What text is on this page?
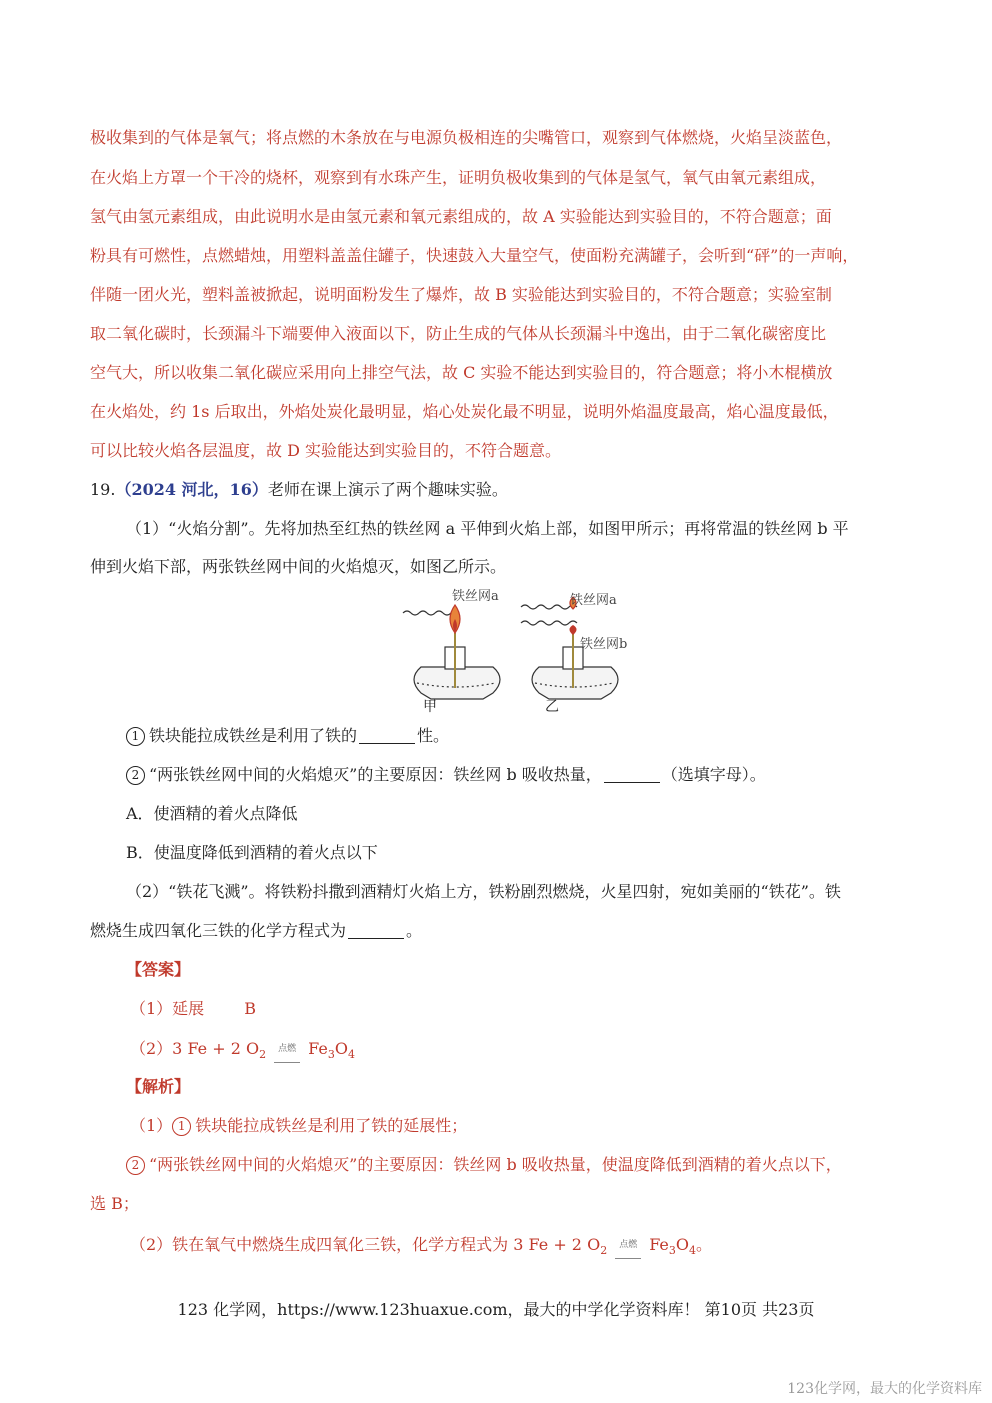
极收集到的气体是氧气；将点燃的木条放在与电源负极相连的尖嘴管口，观察到气体燃烧，火焰呈淡蓝色，
在火焰上方罩一个干冷的烧杯，观察到有水珠产生，证明负极收集到的气体是氢气，氧气由氧元素组成，
氢气由氢元素组成，由此说明水是由氢元素和氧元素组成的，故 A 实验能达到实验目的，不符合题意；面
粉具有可燃性，点燃蜡烛，用塑料盖盖住罐子，快速鼓入大量空气，使面粉充满罐子，会听到“砰”的一声响，
伴随一团火光，塑料盖被掀起，说明面粉发生了爆炸，故 B 实验能达到实验目的，不符合题意；实验室制
取二氧化碳时，长颈漏斗下端要伸入液面以下，防止生成的气体从长颈漏斗中逸出，由于二氧化碳密度比
空气大，所以收集二氧化碳应采用向上排空气法，故 C 实验不能达到实验目的，符合题意；将小木棍横放
在火焰处，约 1s 后取出，外焰处炭化最明显，焰心处炭化最不明显，说明外焰温度最高，焰心温度最低，
可以比较火焰各层温度，故 D 实验能达到实验目的，不符合题意。
19.（2024 河北，16）老师在课上演示了两个趣味实验。
（1）“火焰分割”。先将加热至红热的铁丝网 a 平伸到火焰上部，如图甲所示；再将常温的铁丝网 b 平
伸到火焰下部，两张铁丝网中间的火焰熄灭，如图乙所示。
铁丝网a	铁丝网a
铁丝网b
甲	乙
1 铁块能拉成铁丝是利用了铁的	性。
2 “两张铁丝网中间的火焰熄灭”的主要原因：铁丝网 b 吸收热量，	（选填字母）。
A．使酒精的着火点降低
B．使温度降低到酒精的着火点以下
（2）“铁花飞溅”。将铁粉抖撒到酒精灯火焰上方，铁粉剧烈燃烧，火星四射，宛如美丽的“铁花”。铁
燃烧生成四氧化三铁的化学方程式为	。
【答案】
（1）延展	B
（2）3 Fe + 2 $O_2$ 点燃 $Fe_3O_4$
【解析】
（1） 1 铁块能拉成铁丝是利用了铁的延展性；
2 “两张铁丝网中间的火焰熄灭”的主要原因：铁丝网 b 吸收热量，使温度降低到酒精的着火点以下，
选 B；
（2）铁在氧气中燃烧生成四氧化三铁，化学方程式为 3 Fe + 2 $O_2$ 点燃 $Fe_3O_4$。
123 化学网，https://www.123huaxue.com，最大的中学化学资料库！ 第10页 共23页
123化学网，最大的化学资料库
